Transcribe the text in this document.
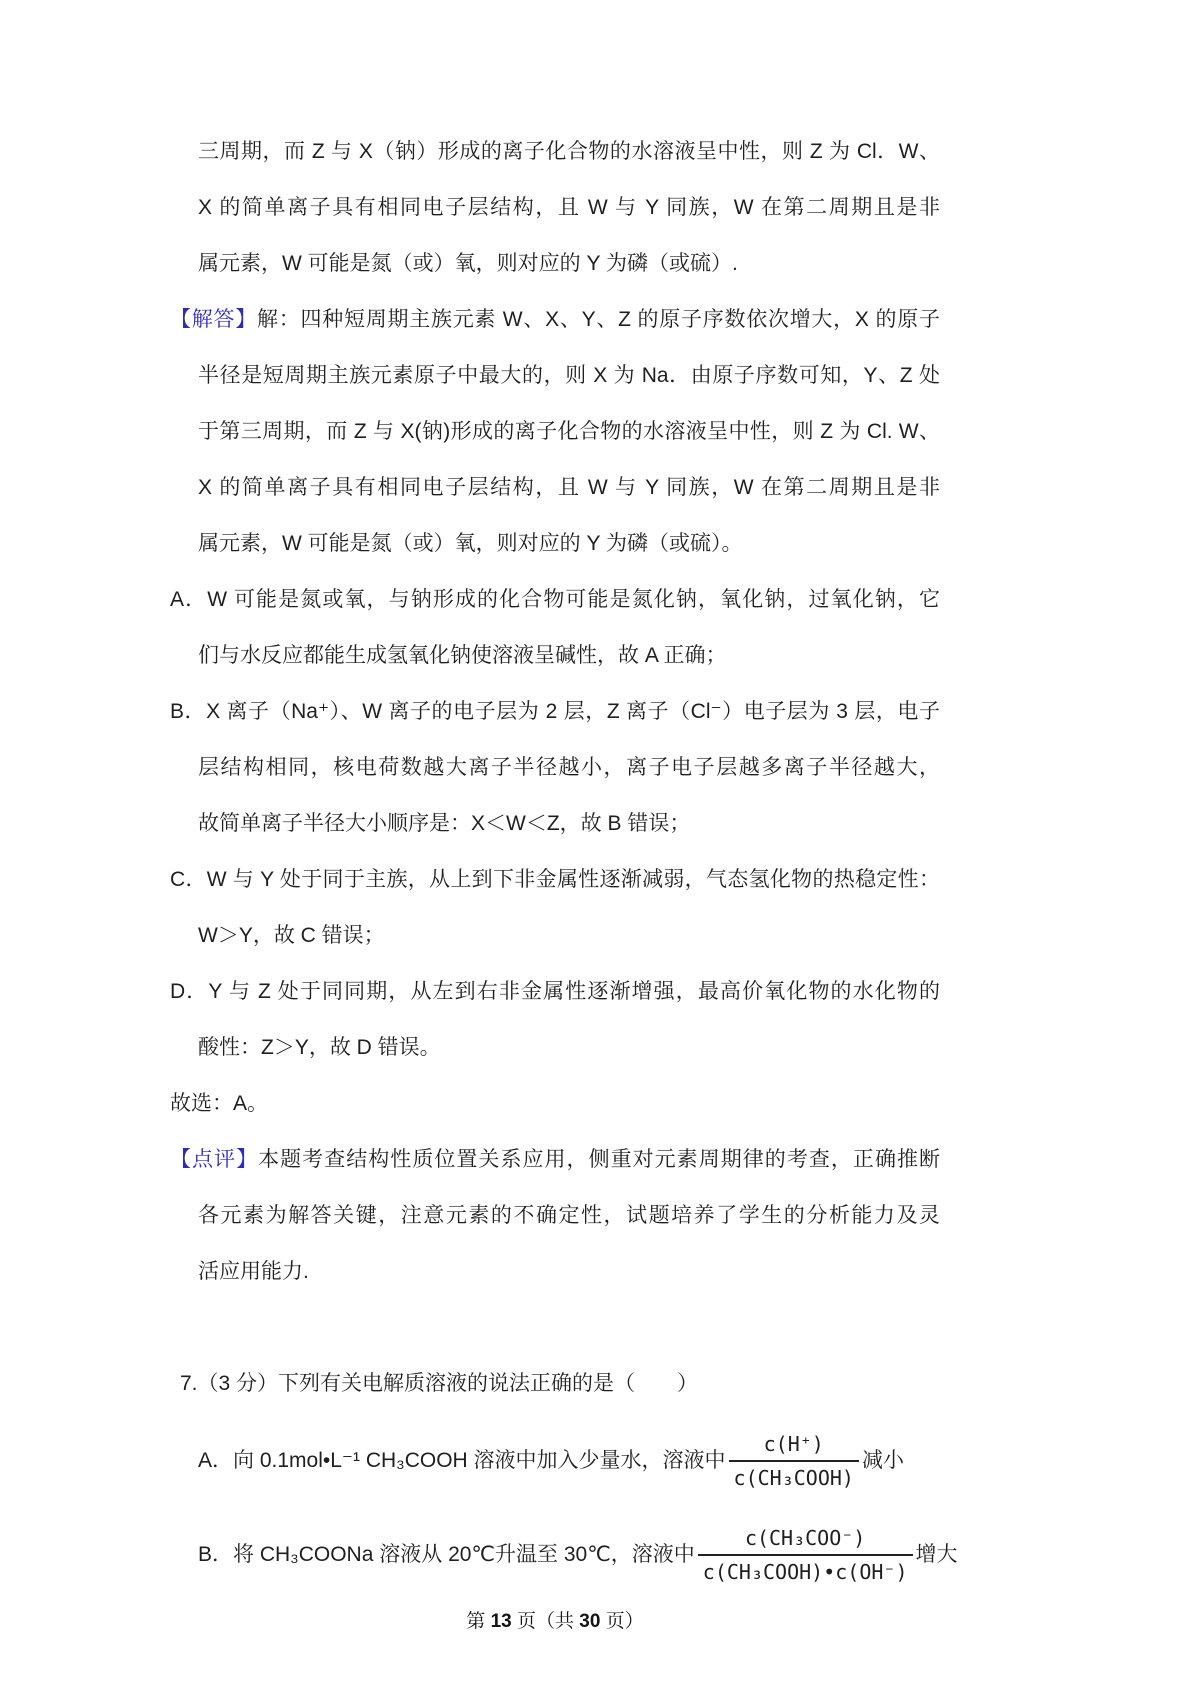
三周期，而 Z 与 X（钠）形成的离子化合物的水溶液呈中性，则 Z 为 Cl．W、
X 的简单离子具有相同电子层结构，且 W 与 Y 同族，W 在第二周期且是非
属元素，W 可能是氮（或）氧，则对应的 Y 为磷（或硫）.
【解答】解：四种短周期主族元素 W、X、Y、Z 的原子序数依次增大，X 的原子
半径是短周期主族元素原子中最大的，则 X 为 Na．由原子序数可知，Y、Z 处
于第三周期，而 Z 与 X(钠)形成的离子化合物的水溶液呈中性，则 Z 为 Cl. W、
X 的简单离子具有相同电子层结构，且 W 与 Y 同族，W 在第二周期且是非
属元素，W 可能是氮（或）氧，则对应的 Y 为磷（或硫）。
A．W 可能是氮或氧，与钠形成的化合物可能是氮化钠，氧化钠，过氧化钠，它
们与水反应都能生成氢氧化钠使溶液呈碱性，故 A 正确；
B．X 离子（Na⁺）、W 离子的电子层为 2 层，Z 离子（Cl⁻）电子层为 3 层，电子
层结构相同，核电荷数越大离子半径越小，离子电子层越多离子半径越大，
故简单离子半径大小顺序是：X＜W＜Z，故 B 错误；
C．W 与 Y 处于同于主族，从上到下非金属性逐渐减弱，气态氢化物的热稳定性：
W＞Y，故 C 错误；
D．Y 与 Z 处于同同期，从左到右非金属性逐渐增强，最高价氧化物的水化物的
酸性：Z＞Y，故 D 错误。
故选：A。
【点评】本题考查结构性质位置关系应用，侧重对元素周期律的考查，正确推断
各元素为解答关键，注意元素的不确定性，试题培养了学生的分析能力及灵
活应用能力.
7.（3 分）下列有关电解质溶液的说法正确的是（　　）
A．向 0.1mol•L⁻¹ CH₃COOH 溶液中加入少量水，溶液中 $\frac{c(H^+)}{\text{c(CH₃COOH)}}$ 减小
B．将 CH₃COONa 溶液从 20℃升温至 30℃，溶液中 $\frac{\text{c(CH₃COO⁻)}}{\text{c(CH₃COOH)•c(OH⁻)}}$ 增大
第 13 页（共 30 页）
